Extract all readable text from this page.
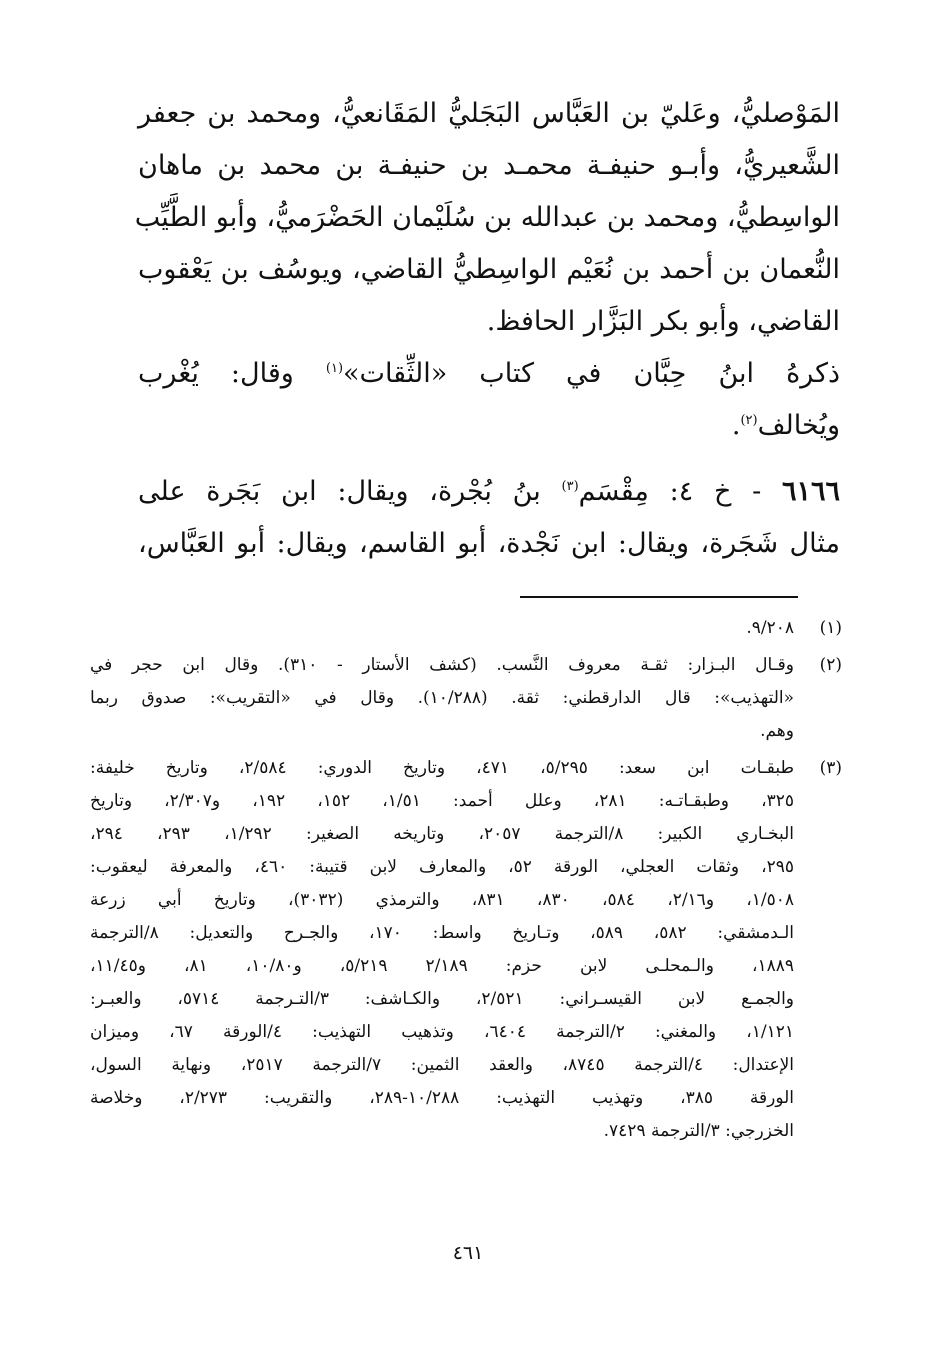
المَوْصليُّ، وعَليّ بن العَبَّاس البَجَليُّ المَقَانعيُّ، ومحمد بن جعفر
الشَّعيريُّ، وأبـو حنيفـة محمـد بن حنيفـة بن محمد بن ماهان
الواسِطيُّ، ومحمد بن عبدالله بن سُلَيْمان الحَضْرَميُّ، وأبو الطَّيِّب
النُّعمان بن أحمد بن نُعَيْم الواسِطيُّ القاضي، ويوسُف بن يَعْقوب
القاضي، وأبو بكر البَزَّار الحافظ.
ذكرهُ ابنُ حِبَّان في كتاب «الثِّقات»$^{(١)}$ وقال: يُغْرب
ويُخالف$^{(٢)}$.
٦١٦٦ - خ ٤: مِقْسَم$^{(٣)}$ بنُ بُجْرة، ويقال: ابن بَجَرة على
مثال شَجَرة، ويقال: ابن نَجْدة، أبو القاسم، ويقال: أبو العَبَّاس،
(١)
٩/٢٠٨.
(٢)
وقـال البـزار: ثقـة معروف النَّسب. (كشف الأستار - ٣١٠). وقال ابن حجر في
«التهذيب»: قال الدارقطني: ثقة. (١٠/٢٨٨). وقال في «التقريب»: صدوق ربما
وهم.
(٣)
طبقـات ابن سعد: ٥/٢٩٥، ٤٧١، وتاريخ الدوري: ٢/٥٨٤، وتاريخ خليفة:
٣٢٥، وطبقـاتـه: ٢٨١، وعلل أحمد: ١/٥١، ١٥٢، ١٩٢، و٢/٣٠٧، وتاريخ
البخـاري الكبير: ٨/الترجمة ٢٠٥٧، وتاريخه الصغير: ١/٢٩٢، ٢٩٣، ٢٩٤،
٢٩٥، وثقات العجلي، الورقة ٥٢، والمعارف لابن قتيبة: ٤٦٠، والمعرفة ليعقوب:
١/٥٠٨، و٢/١٦، ٥٨٤، ٨٣٠، ٨٣١، والترمذي (٣٠٣٢)، وتاريخ أبي زرعة
الـدمشقي: ٥٨٢، ٥٨٩، وتـاريخ واسط: ١٧٠، والجـرح والتعديل: ٨/الترجمة
١٨٨٩، والـمحلـى لابن حزم: ٢/١٨٩ ٥/٢١٩، و١٠/٨٠، ٨١، و١١/٤٥،
والجمـع لابن القيسـراني: ٢/٥٢١، والكـاشف: ٣/التـرجمة ٥٧١٤، والعبـر:
١/١٢١، والمغني: ٢/الترجمة ٦٤٠٤، وتذهيب التهذيب: ٤/الورقة ٦٧، وميزان
الإعتدال: ٤/الترجمة ٨٧٤٥، والعقد الثمين: ٧/الترجمة ٢٥١٧، ونهاية السول،
الورقة ٣٨٥، وتهذيب التهذيب: ١٠/٢٨٨-٢٨٩، والتقريب: ٢/٢٧٣، وخلاصة
الخزرجي: ٣/الترجمة ٧٤٢٩.
٤٦١
